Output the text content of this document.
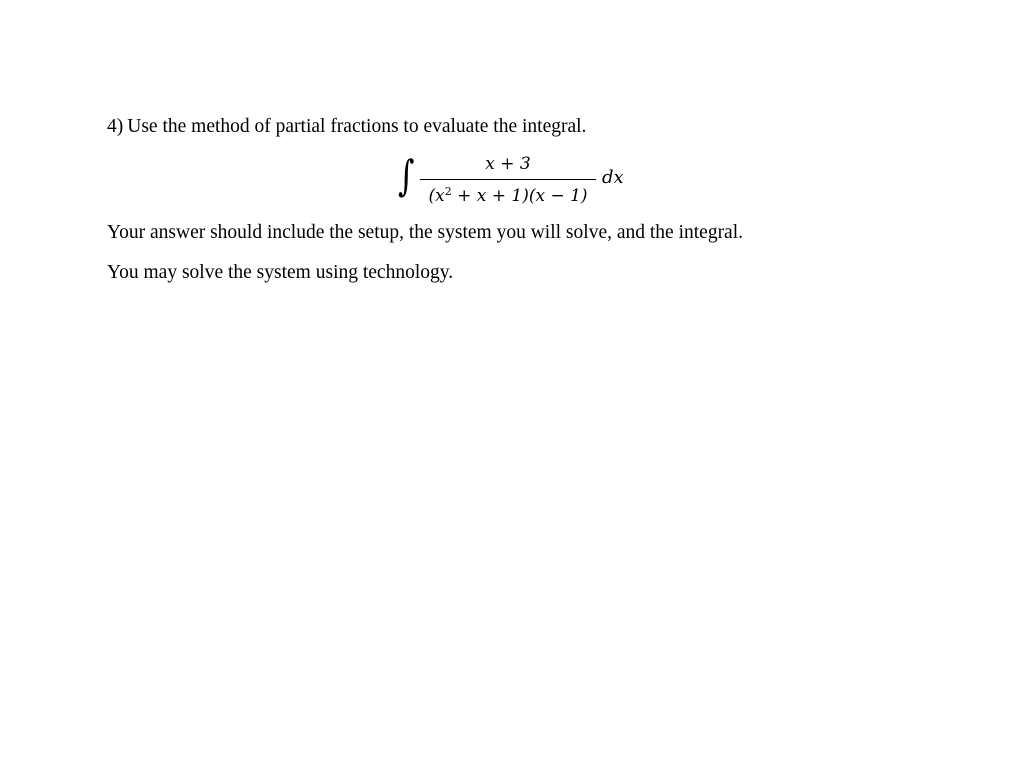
4) Use the method of partial fractions to evaluate the integral.
∫	x + 3
$(x^2 + x + 1)(x - 1)$
dx
Your answer should include the setup, the system you will solve, and the integral.
You may solve the system using technology.
